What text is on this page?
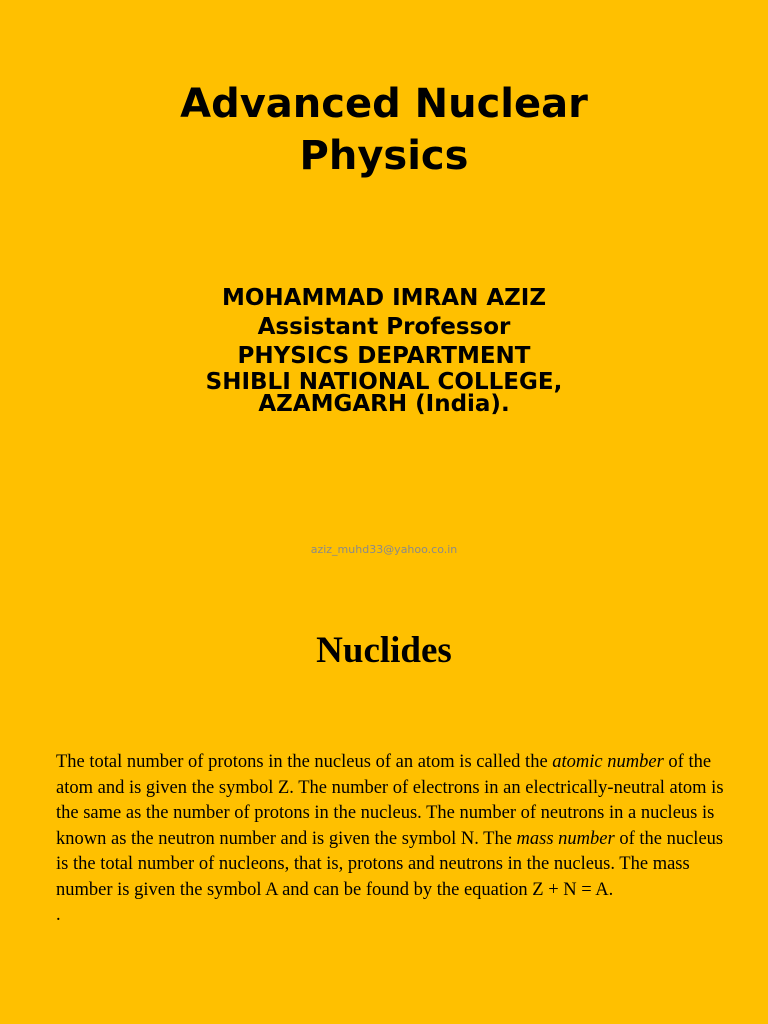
Advanced Nuclear
Physics
MOHAMMAD IMRAN AZIZ
Assistant Professor
PHYSICS DEPARTMENT
SHIBLI NATIONAL COLLEGE,
AZAMGARH (India).
aziz_muhd33@yahoo.co.in
Nuclides
The total number of protons in the nucleus of an atom is called the atomic number of the atom and is given the symbol Z. The number of electrons in an electrically-neutral atom is the same as the number of protons in the nucleus. The number of neutrons in a nucleus is known as the neutron number and is given the symbol N. The mass number of the nucleus is the total number of nucleons, that is, protons and neutrons in the nucleus. The mass number is given the symbol A and can be found by the equation Z + N = A.
.
